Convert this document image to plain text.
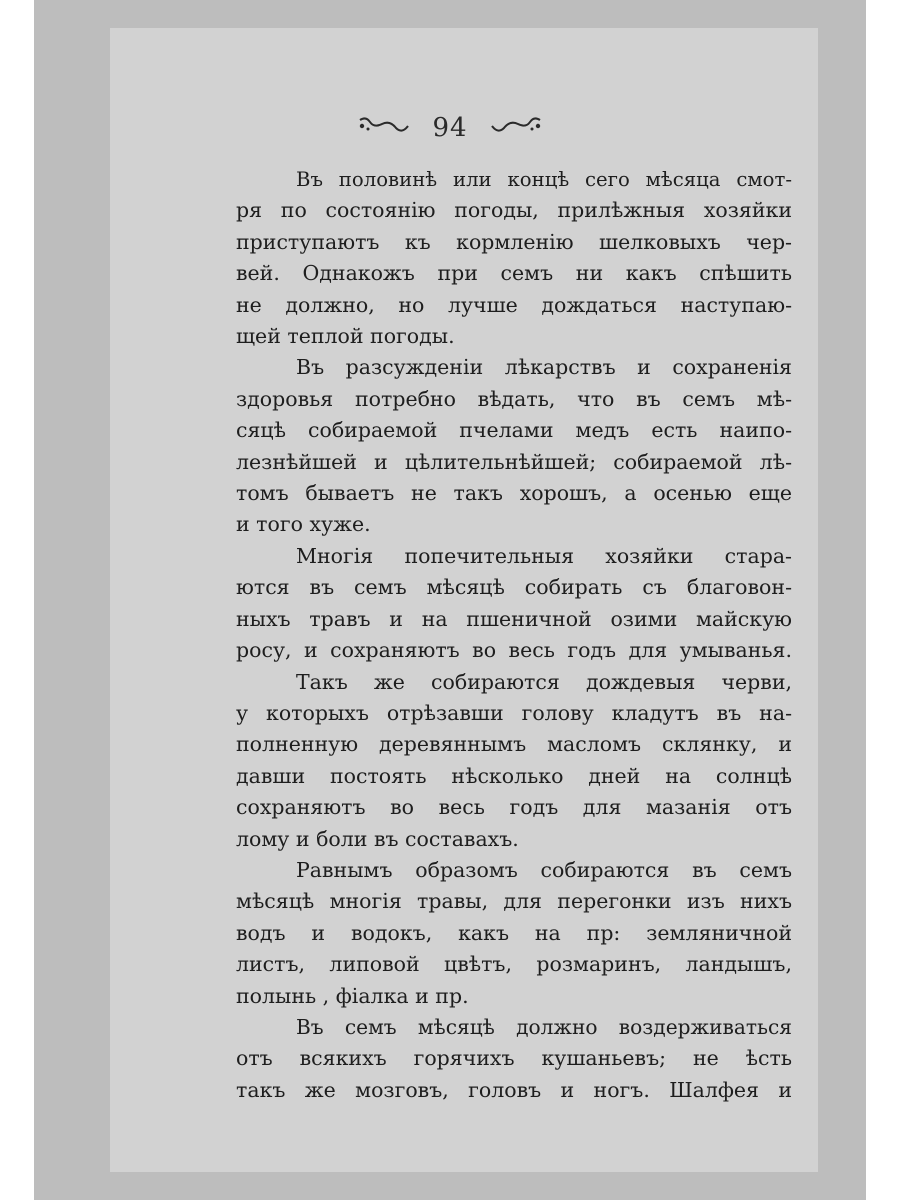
94
Въ половинѣ или концѣ сего мѣсяца смот-
ря по состоянію погоды, прилѣжныя хозяйки
приступаютъ къ кормленію шелковыхъ чер-
вей. Однакожъ при семъ ни какъ спѣшить
не должно, но лучше дождаться наступаю-
щей теплой погоды.
Въ разсужденіи лѣкарствъ и сохраненія
здоровья потребно вѣдать, что въ семъ мѣ-
сяцѣ собираемой пчелами медъ есть наипо-
лезнѣйшей и цѣлительнѣйшей; собираемой лѣ-
томъ бываетъ не такъ хорошъ, а осенью еще
и того хуже.
Многія попечительныя хозяйки стара-
ются въ семъ мѣсяцѣ собирать съ благовон-
ныхъ травъ и на пшеничной озими майскую
росу, и сохраняютъ во весь годъ для умыванья.
Такъ же собираются дождевыя черви,
у которыхъ отрѣзавши голову кладутъ въ на-
полненную деревяннымъ масломъ склянку, и
давши постоять нѣсколько дней на солнцѣ
сохраняютъ во весь годъ для мазанія отъ
лому и боли въ составахъ.
Равнымъ образомъ собираются въ семъ
мѣсяцѣ многія травы, для перегонки изъ нихъ
водъ и водокъ, какъ на пр: земляничной
листъ, липовой цвѣтъ, розмаринъ, ландышъ,
полынь , фіалка и пр.
Въ семъ мѣсяцѣ должно воздерживаться
отъ всякихъ горячихъ кушаньевъ; не ѣсть
такъ же мозговъ, головъ и ногъ. Шалфея и
